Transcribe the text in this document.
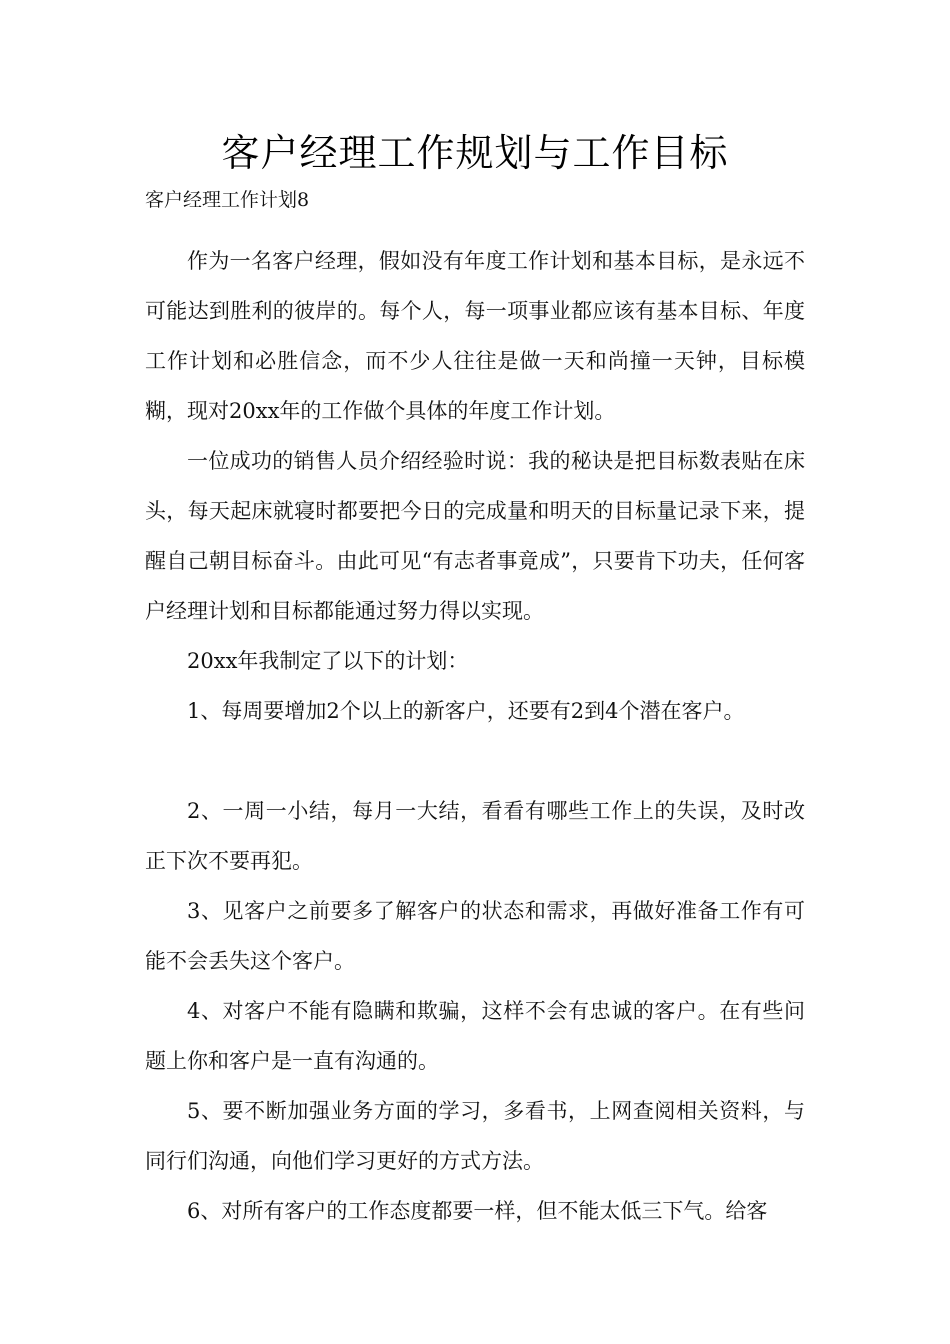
客户经理工作规划与工作目标

客户经理工作计划8

作为一名客户经理，假如没有年度工作计划和基本目标，是永远不可能达到胜利的彼岸的。每个人，每一项事业都应该有基本目标、年度工作计划和必胜信念，而不少人往往是做一天和尚撞一天钟，目标模糊，现对20xx年的工作做个具体的年度工作计划。

一位成功的销售人员介绍经验时说：我的秘诀是把目标数表贴在床头，每天起床就寝时都要把今日的完成量和明天的目标量记录下来，提醒自己朝目标奋斗。由此可见“有志者事竟成”，只要肯下功夫，任何客户经理计划和目标都能通过努力得以实现。

20xx年我制定了以下的计划：

1、每周要增加2个以上的新客户，还要有2到4个潜在客户。

2、一周一小结，每月一大结，看看有哪些工作上的失误，及时改正下次不要再犯。

3、见客户之前要多了解客户的状态和需求，再做好准备工作有可能不会丢失这个客户。

4、对客户不能有隐瞒和欺骗，这样不会有忠诚的客户。在有些问题上你和客户是一直有沟通的。

5、要不断加强业务方面的学习，多看书，上网查阅相关资料，与同行们沟通，向他们学习更好的方式方法。

6、对所有客户的工作态度都要一样，但不能太低三下气。给客
